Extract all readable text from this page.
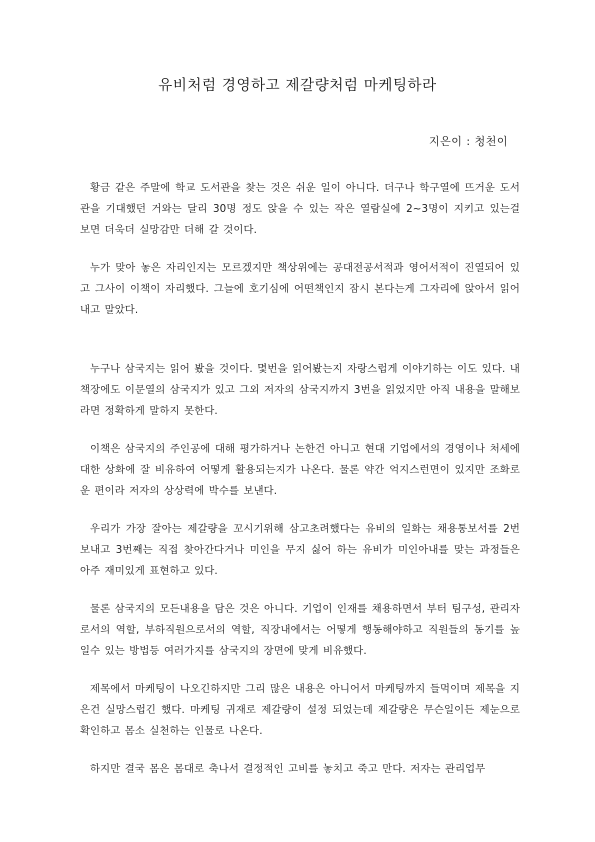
유비처럼 경영하고 제갈량처럼 마케팅하라
지은이 : 청천이

황금 같은 주말에 학교 도서관을 찾는 것은 쉬운 일이 아니다. 더구나 학구열에 뜨거운 도서관을 기대했던 거와는 달리 30명 정도 앉을 수 있는 작은 열람실에 2~3명이 지키고 있는걸 보면 더욱더 실망감만 더해 갈 것이다.

누가 맞아 놓은 자리인지는 모르겠지만 책상위에는 공대전공서적과 영어서적이 진열되어 있고 그사이 이책이 자리했다. 그늘에 호기심에 어떤책인지 잠시 본다는게 그자리에 앉아서 읽어내고 말았다.

누구나 삼국지는 읽어 봤을 것이다. 몇번을 읽어봤는지 자랑스럽게 이야기하는 이도 있다. 내 책장에도 이문열의 삼국지가 있고 그외 저자의 삼국지까지 3번을 읽었지만 아직 내용을 말해보라면 정확하게 말하지 못한다.

이책은 삼국지의 주인공에 대해 평가하거나 논한건 아니고 현대 기업에서의 경영이나 처세에 대한 상화에 잘 비유하여 어떻게 활용되는지가 나온다. 물론 약간 억지스런면이 있지만 조화로운 편이라 저자의 상상력에 박수를 보낸다.

우리가 가장 잘아는 제갈량을 꼬시기위해 삼고초려했다는 유비의 일화는 채용통보서를 2번보내고 3번째는 직접 찾아간다거나 미인을 무지 싫어 하는 유비가 미인아내를 맞는 과정들은 아주 재미있게 표현하고 있다.

물론 삼국지의 모든내용을 담은 것은 아니다. 기업이 인재를 채용하면서 부터 팀구성, 관리자로서의 역할, 부하직원으로서의 역할, 직장내에서는 어떻게 행동해야하고 직원들의 동기를 높일수 있는 방법등 여러가지를 삼국지의 장면에 맞게 비유했다.

제목에서 마케팅이 나오긴하지만 그리 많은 내용은 아니어서 마케팅까지 들먹이며 제목을 지은건 실망스럽긴 했다. 마케팅 귀재로 제갈량이 설정 되었는데 제갈량은 무슨일이든 제눈으로 확인하고 몸소 실천하는 인물로 나온다.

하지만 결국 몸은 몸대로 축나서 결정적인 고비를 놓치고 죽고 만다. 저자는 관리업무
